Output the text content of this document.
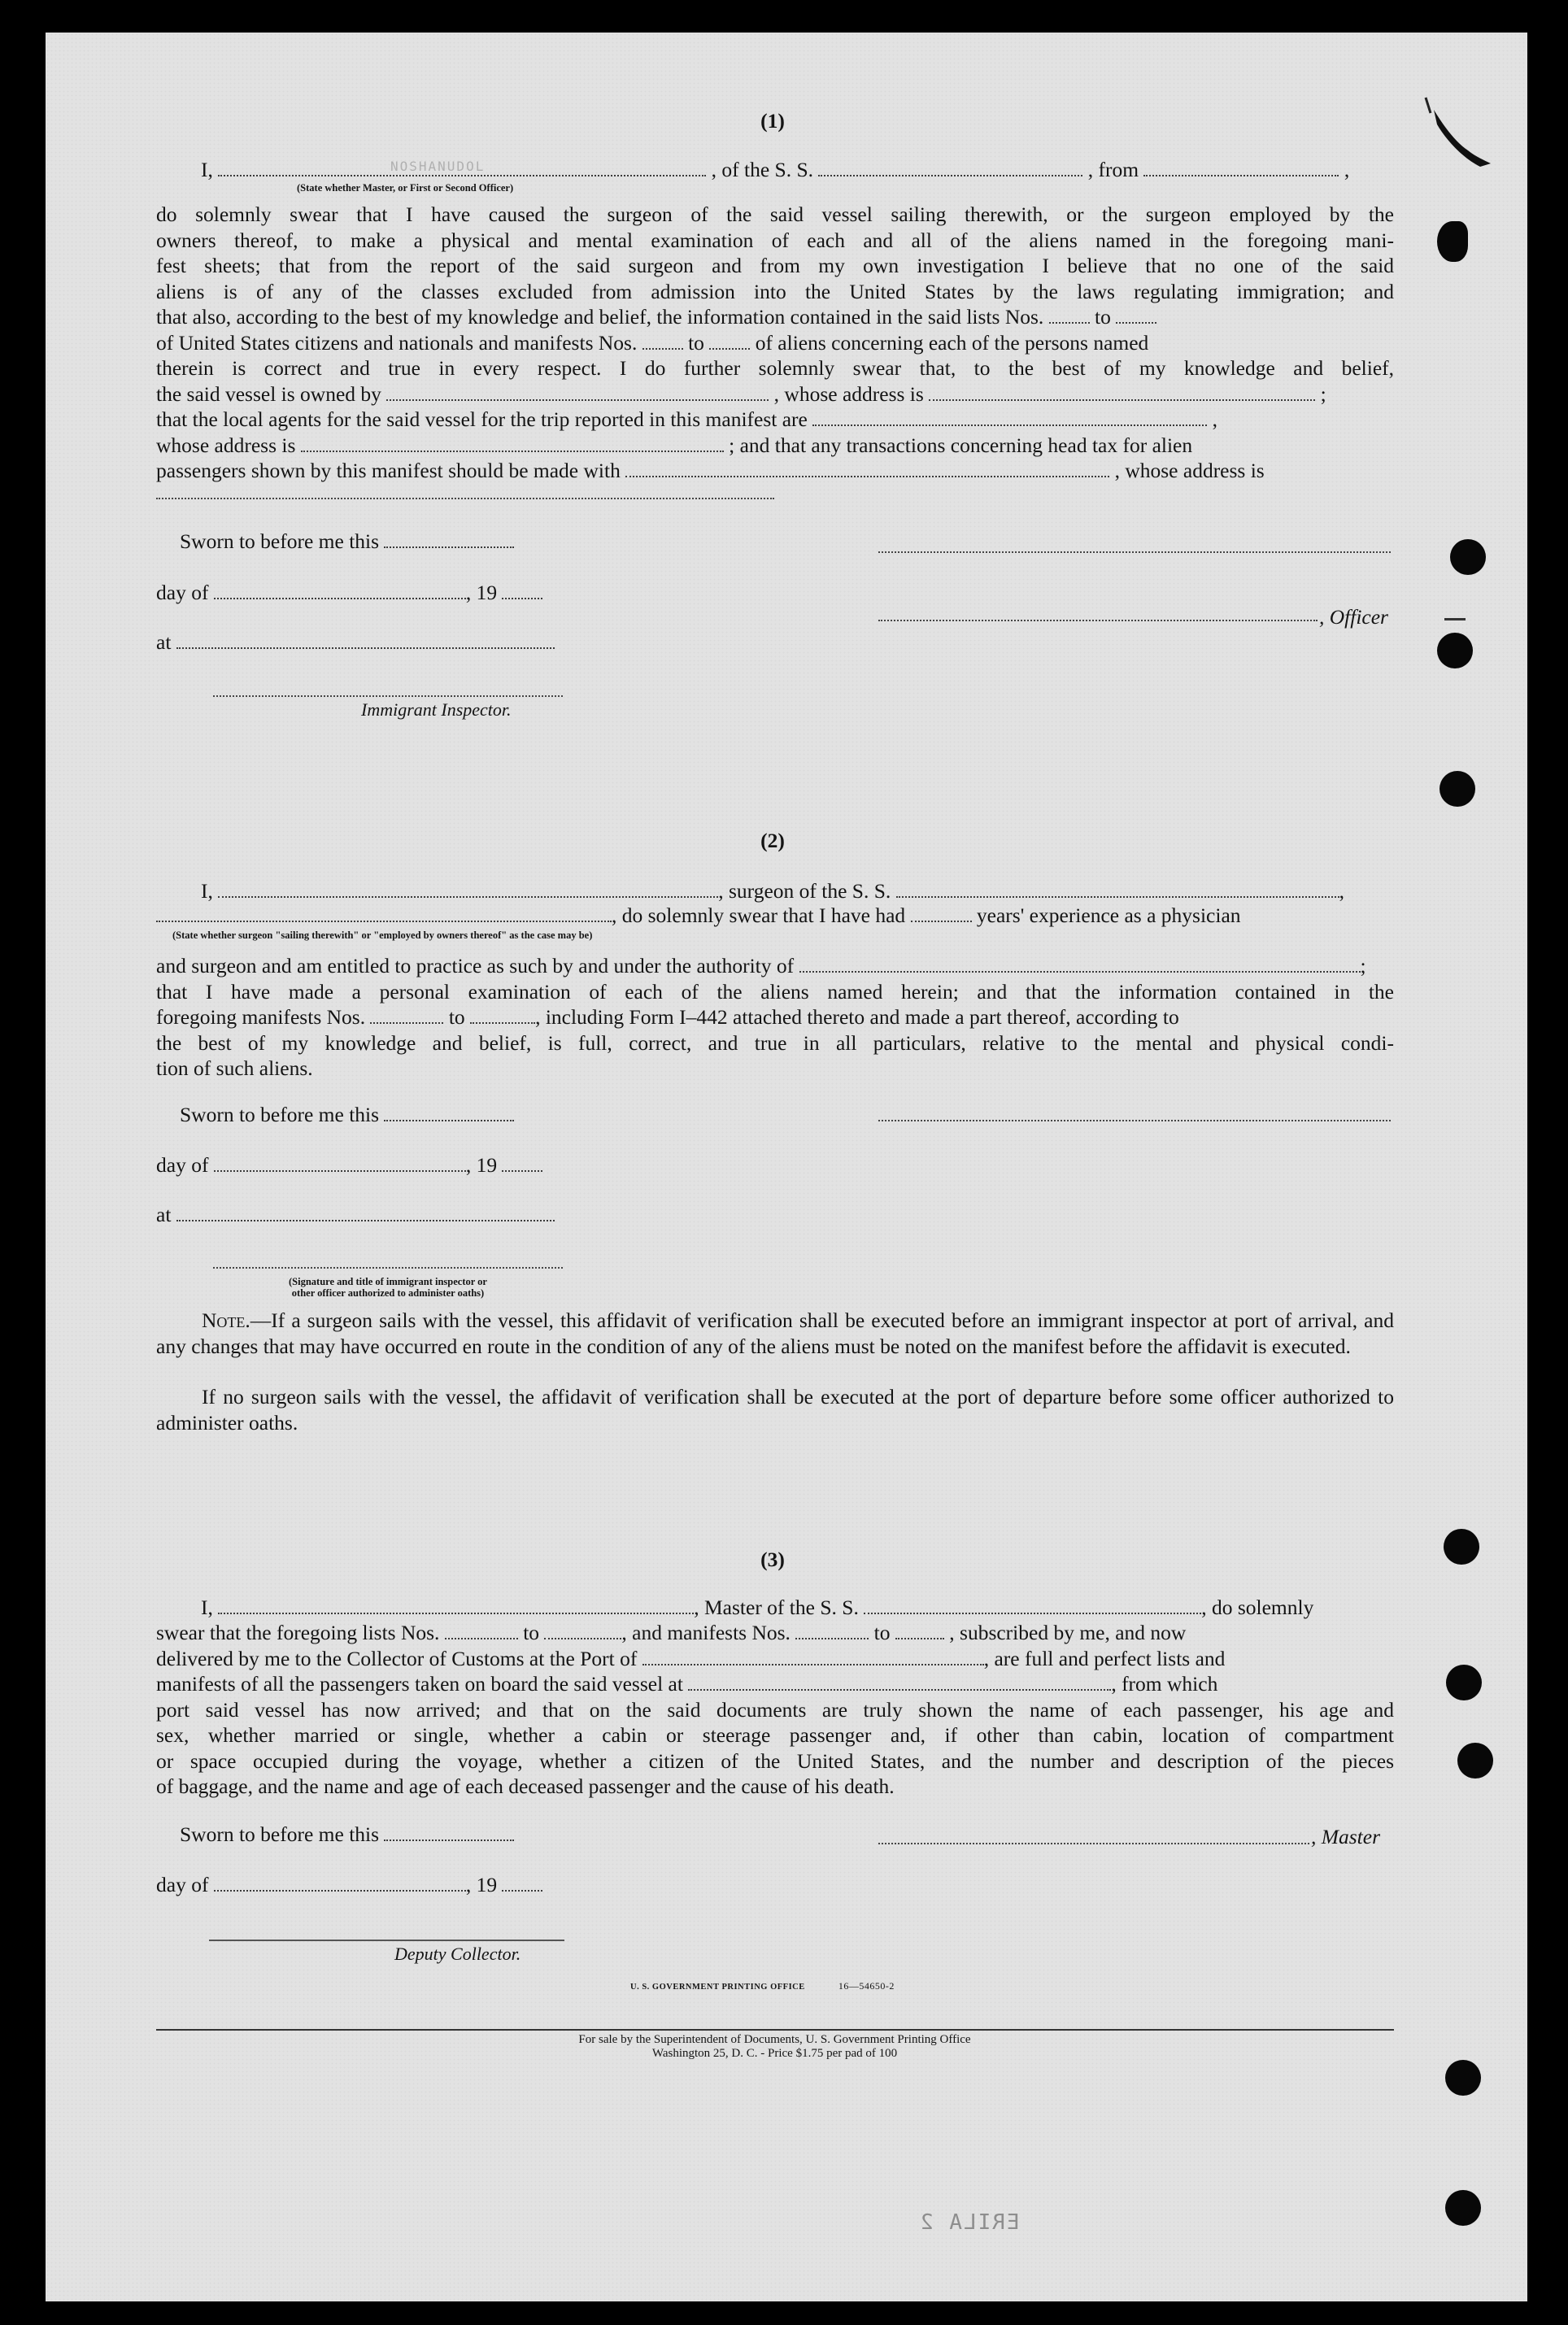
(1)
I,	, of the S. S.	, from	,
NOSHANUDOL
(State whether Master, or First or Second Officer)
do solemnly swear that I have caused the surgeon of the said vessel sailing therewith, or the surgeon employed by the
owners thereof, to make a physical and mental examination of each and all of the aliens named in the foregoing mani-
fest sheets; that from the report of the said surgeon and from my own investigation I believe that no one of the said
aliens is of any of the classes excluded from admission into the United States by the laws regulating immigration; and
that also, according to the best of my knowledge and belief, the information contained in the said lists Nos. to
of United States citizens and nationals and manifests Nos. to of aliens concerning each of the persons named
therein is correct and true in every respect. I do further solemnly swear that, to the best of my knowledge and belief,
the said vessel is owned by	, whose address is	;
that the local agents for the said vessel for the trip reported in this manifest are	,
whose address is	; and that any transactions concerning head tax for alien
passengers shown by this manifest should be made with	, whose address is
Sworn to before me this
day of	, 19
, Officer
at
Immigrant Inspector.
(2)
I,	, surgeon of the S. S.	,
, do solemnly swear that I have had	years' experience as a physician
(State whether surgeon "sailing therewith" or "employed by owners thereof" as the case may be)
and surgeon and am entitled to practice as such by and under the authority of	;
that I have made a personal examination of each of the aliens named herein; and that the information contained in the
foregoing manifests Nos.	to	, including Form I–442 attached thereto and made a part thereof, according to
the best of my knowledge and belief, is full, correct, and true in all particulars, relative to the mental and physical condi-
tion of such aliens.
Sworn to before me this
day of	, 19
at
(Signature and title of immigrant inspector or
other officer authorized to administer oaths)
Note.—If a surgeon sails with the vessel, this affidavit of verification shall be executed before an immigrant inspector at port of arrival, and any changes that may have occurred en route in the condition of any of the aliens must be noted on the manifest before the affidavit is executed.
If no surgeon sails with the vessel, the affidavit of verification shall be executed at the port of departure before some officer authorized to administer oaths.
(3)
I,	, Master of the S. S.	, do solemnly
swear that the foregoing lists Nos.	to	, and manifests Nos.	to	, subscribed by me, and now
delivered by me to the Collector of Customs at the Port of	, are full and perfect lists and
manifests of all the passengers taken on board the said vessel at	, from which
port said vessel has now arrived; and that on the said documents are truly shown the name of each passenger, his age and
sex, whether married or single, whether a cabin or steerage passenger and, if other than cabin, location of compartment
or space occupied during the voyage, whether a citizen of the United States, and the number and description of the pieces
of baggage, and the name and age of each deceased passenger and the cause of his death.
Sworn to before me this	, Master
day of	, 19
Deputy Collector.
U. S. GOVERNMENT PRINTING OFFICE	16—54650-2
For sale by the Superintendent of Documents, U. S. Government Printing Office
Washington 25, D. C. - Price $1.75 per pad of 100
ERILA 2
